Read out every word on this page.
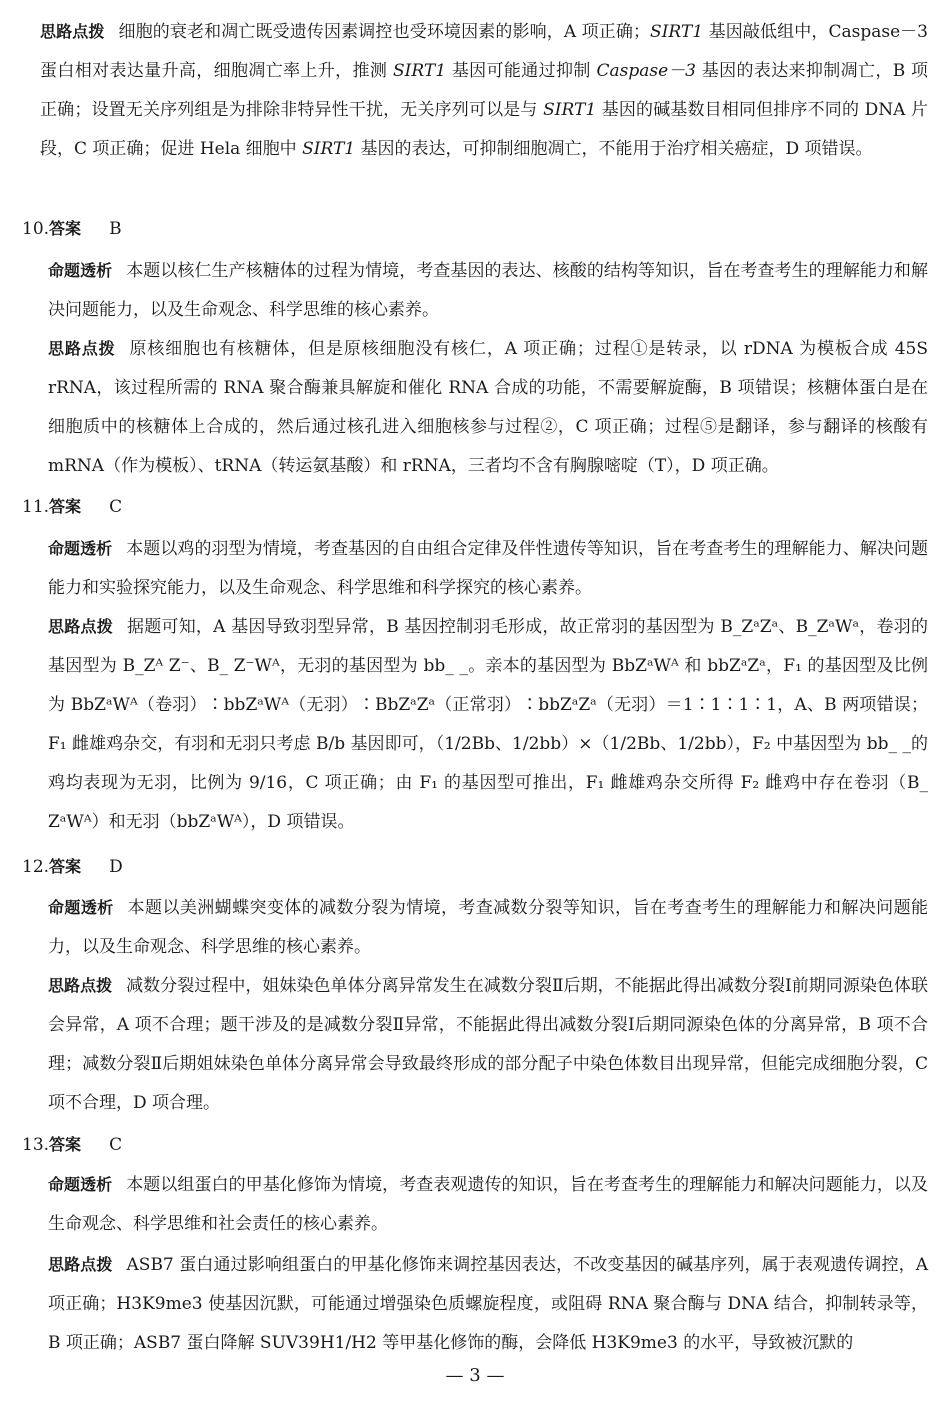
思路点拨 细胞的衰老和凋亡既受遗传因素调控也受环境因素的影响，A 项正确；SIRT1 基因敲低组中，Caspase－3 蛋白相对表达量升高，细胞凋亡率上升，推测 SIRT1 基因可能通过抑制 Caspase－3 基因的表达来抑制凋亡，B 项正确；设置无关序列组是为排除非特异性干扰，无关序列可以是与 SIRT1 基因的碱基数目相同但排序不同的 DNA 片段，C 项正确；促进 Hela 细胞中 SIRT1 基因的表达，可抑制细胞凋亡，不能用于治疗相关癌症，D 项错误。

10.答案 B

命题透析 本题以核仁生产核糖体的过程为情境，考查基因的表达、核酸的结构等知识，旨在考查考生的理解能力和解决问题能力，以及生命观念、科学思维的核心素养。

思路点拨 原核细胞也有核糖体，但是原核细胞没有核仁，A 项正确；过程①是转录，以 rDNA 为模板合成 45S rRNA，该过程所需的 RNA 聚合酶兼具解旋和催化 RNA 合成的功能，不需要解旋酶，B 项错误；核糖体蛋白是在细胞质中的核糖体上合成的，然后通过核孔进入细胞核参与过程②，C 项正确；过程⑤是翻译，参与翻译的核酸有 mRNA（作为模板）、tRNA（转运氨基酸）和 rRNA，三者均不含有胸腺嘧啶（T），D 项正确。

11.答案 C

命题透析 本题以鸡的羽型为情境，考查基因的自由组合定律及伴性遗传等知识，旨在考查考生的理解能力、解决问题能力和实验探究能力，以及生命观念、科学思维和科学探究的核心素养。

思路点拨 据题可知，A 基因导致羽型异常，B 基因控制羽毛形成，故正常羽的基因型为 B_ZᵃZᵃ、B_ZᵃWᵃ，卷羽的基因型为 B_Zᴬ Z⁻、B_ Z⁻Wᴬ，无羽的基因型为 bb_ _。亲本的基因型为 BbZᵃWᴬ 和 bbZᵃZᵃ，F₁ 的基因型及比例为 BbZᵃWᴬ（卷羽）∶bbZᵃWᴬ（无羽）∶BbZᵃZᵃ（正常羽）∶bbZᵃZᵃ（无羽）＝1∶1∶1∶1，A、B 两项错误；F₁ 雌雄鸡杂交，有羽和无羽只考虑 B/b 基因即可，（1/2Bb、1/2bb）×（1/2Bb、1/2bb），F₂ 中基因型为 bb_ _的鸡均表现为无羽，比例为 9/16，C 项正确；由 F₁ 的基因型可推出，F₁ 雌雄鸡杂交所得 F₂ 雌鸡中存在卷羽（B_ ZᵃWᴬ）和无羽（bbZᵃWᴬ），D 项错误。

12.答案 D

命题透析 本题以美洲蝴蝶突变体的减数分裂为情境，考查减数分裂等知识，旨在考查考生的理解能力和解决问题能力，以及生命观念、科学思维的核心素养。

思路点拨 减数分裂过程中，姐妹染色单体分离异常发生在减数分裂Ⅱ后期，不能据此得出减数分裂Ⅰ前期同源染色体联会异常，A 项不合理；题干涉及的是减数分裂Ⅱ异常，不能据此得出减数分裂Ⅰ后期同源染色体的分离异常，B 项不合理；减数分裂Ⅱ后期姐妹染色单体分离异常会导致最终形成的部分配子中染色体数目出现异常，但能完成细胞分裂，C 项不合理，D 项合理。

13.答案 C

命题透析 本题以组蛋白的甲基化修饰为情境，考查表观遗传的知识，旨在考查考生的理解能力和解决问题能力，以及生命观念、科学思维和社会责任的核心素养。

思路点拨 ASB7 蛋白通过影响组蛋白的甲基化修饰来调控基因表达，不改变基因的碱基序列，属于表观遗传调控，A 项正确；H3K9me3 使基因沉默，可能通过增强染色质螺旋程度，或阻碍 RNA 聚合酶与 DNA 结合，抑制转录等，B 项正确；ASB7 蛋白降解 SUV39H1/H2 等甲基化修饰的酶，会降低 H3K9me3 的水平，导致被沉默的

— 3 —
